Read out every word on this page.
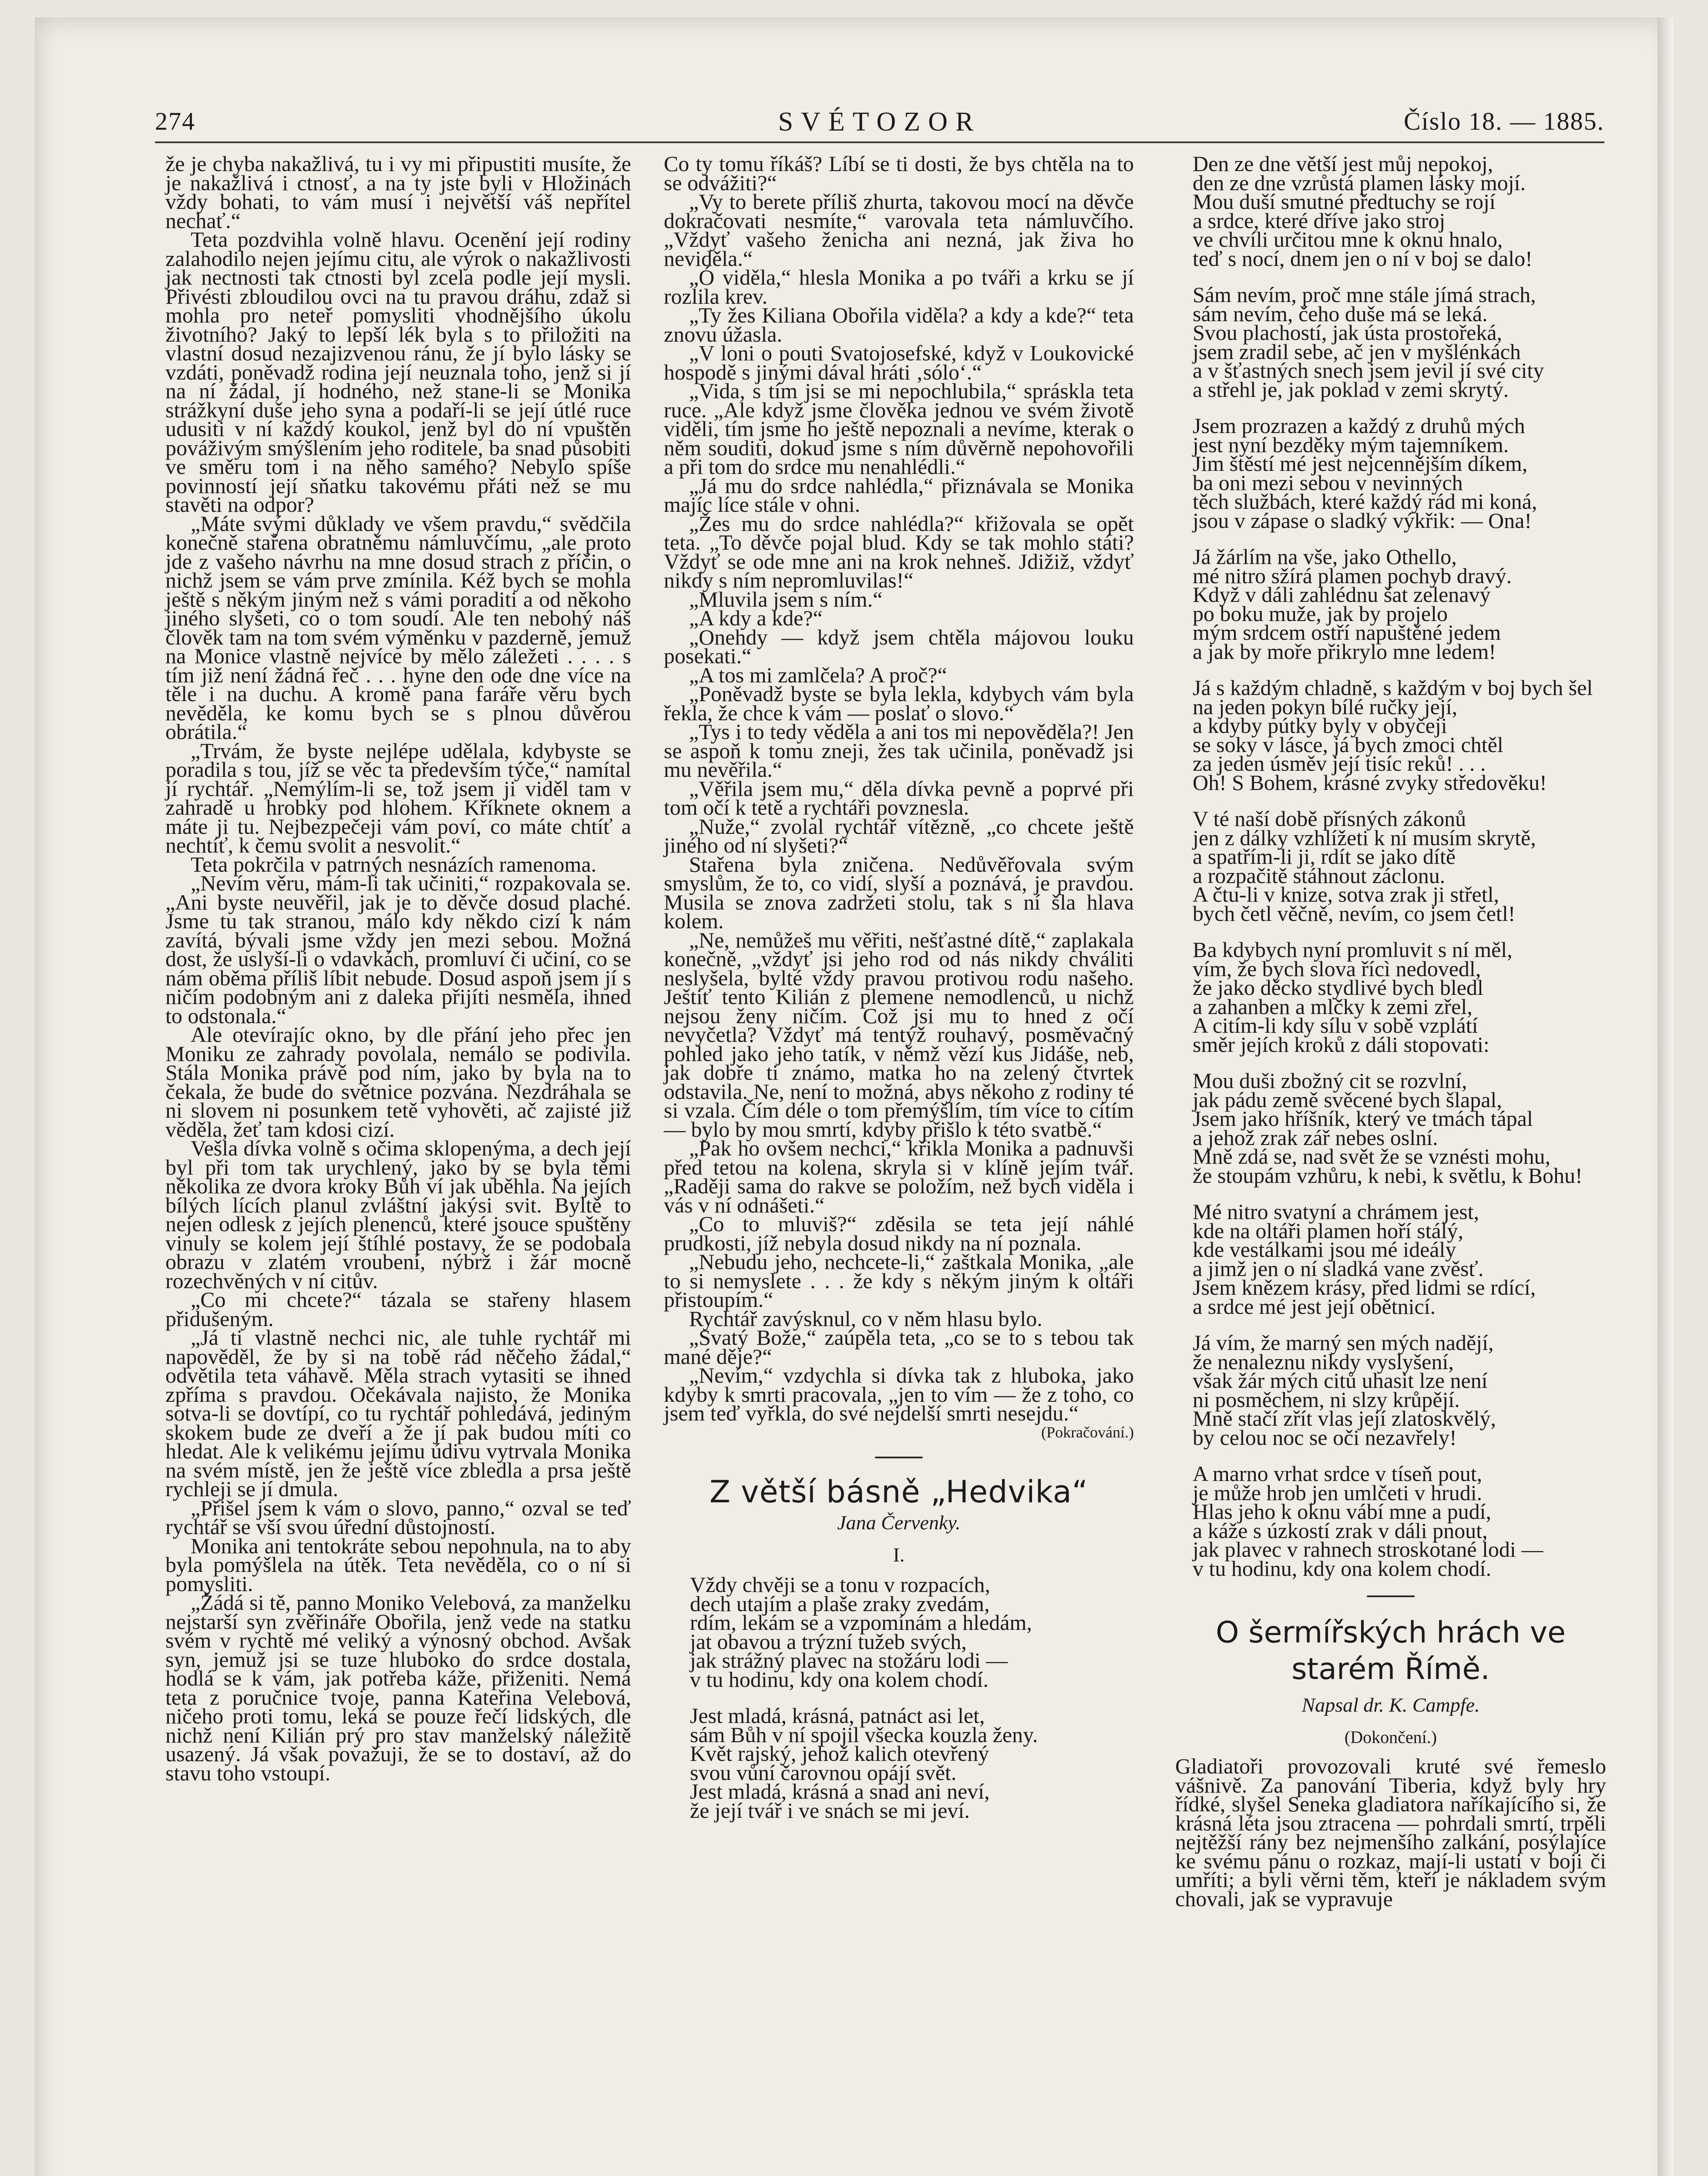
274	SVÉTOZOR	Číslo 18. — 1885.

že je chyba nakažlivá, tu i vy mi připustiti musíte, že je nakažlivá i ctnosť, a na ty jste byli v Hložinách vždy bohati, to vám musí i největší váš nepřítel nechať.“

Teta pozdvihla volně hlavu. Ocenění její rodiny zalahodilo nejen jejímu citu, ale výrok o nakažlivosti jak nectnosti tak ctnosti byl zcela podle její mysli. Přivésti zbloudilou ovci na tu pravou dráhu, zdaž si mohla pro neteř pomysliti vhodnějšího úkolu životního? Jaký to lepší lék byla s to přiložiti na vlastní dosud nezajizvenou ránu, že jí bylo lásky se vzdáti, poněvadž rodina její neuznala toho, jenž si jí na ní žádal, jí hodného, než stane-li se Monika strážkyní duše jeho syna a podaří-li se její útlé ruce udusiti v ní každý koukol, jenž byl do ní vpuštěn pováživým smýšlením jeho roditele, ba snad působiti ve směru tom i na něho samého? Nebylo spíše povinností její sňatku takovému přáti než se mu stavěti na odpor?

„Máte svými důklady ve všem pravdu,“ svědčila konečně stařena obratněmu námluvčímu, „ale proto jde z vašeho návrhu na mne dosud strach z příčin, o nichž jsem se vám prve zmínila. Kéž bych se mohla ještě s někým jiným než s vámi poraditi a od někoho jiného slyšeti, co o tom soudí. Ale ten nebohý náš člověk tam na tom svém výměnku v pazderně, jemuž na Monice vlastně nejvíce by mělo záležeti . . . . s tím již není žádná řeč . . . hyne den ode dne více na těle i na duchu. A kromě pana faráře věru bych nevěděla, ke komu bych se s plnou důvěrou obrátila.“

„Trvám, že byste nejlépe udělala, kdybyste se poradila s tou, jíž se věc ta především týče,“ namítal jí rychtář. „Nemýlím-li se, tož jsem ji viděl tam v zahradě u hrobky pod hlohem. Kříknete oknem a máte ji tu. Nejbezpečeji vám poví, co máte chtíť a nechtíť, k čemu svolit a nesvolit.“

Teta pokrčila v patrných nesnázích ramenoma.

„Nevím věru, mám-li tak učiniti,“ rozpakovala se. „Ani byste neuvěřil, jak je to děvče dosud plaché. Jsme tu tak stranou, málo kdy někdo cizí k nám zavítá, bývali jsme vždy jen mezi sebou. Možná dost, že uslyší-li o vdavkách, promluví či učiní, co se nám oběma příliš líbit nebude. Dosud aspoň jsem jí s ničím podobným ani z daleka přijíti nesměla, ihned to odstonala.“

Ale otevírajíc okno, by dle přání jeho přec jen Moniku ze zahrady povolala, nemálo se podivila. Stála Monika právě pod ním, jako by byla na to čekala, že bude do světnice pozvána. Nezdráhala se ni slovem ni posunkem tetě vyhověti, ač zajisté již věděla, žeť tam kdosi cizí.

Vešla dívka volně s očima sklopenýma, a dech její byl při tom tak urychlený, jako by se byla těmi několika ze dvora kroky Bůh ví jak uběhla. Na jejích bílých lících planul zvláštní jakýsi svit. Byltě to nejen odlesk z jejích plenenců, které jsouce spuštěny vinuly se kolem její štíhlé postavy, že se podobala obrazu v zlatém vroubení, nýbrž i žár mocně rozechvěných v ní citův.

„Co mi chcete?“ tázala se stařeny hlasem přidušeným.

„Já ti vlastně nechci nic, ale tuhle rychtář mi napověděl, že by si na tobě rád něčeho žádal,“ odvětila teta váhavě. Měla strach vytasiti se ihned zpříma s pravdou. Očekávala najisto, že Monika sotva-li se dovtípí, co tu rychtář pohledává, jediným skokem bude ze dveří a že jí pak budou míti co hledat. Ale k velikému jejímu údivu vytrvala Monika na svém místě, jen že ještě více zbledla a prsa ještě rychleji se jí dmula.

„Přišel jsem k vám o slovo, panno,“ ozval se teď rychtář se vší svou úřední důstojností.

Monika ani tentokráte sebou nepohnula, na to aby byla pomýšlela na útěk. Teta nevěděla, co o ní si pomysliti.

„Žádá si tě, panno Moniko Velebová, za manželku nejstarší syn zvěřináře Obořila, jenž vede na statku svém v rychtě mé veliký a výnosný obchod. Avšak syn, jemuž jsi se tuze hluboko do srdce dostala, hodlá se k vám, jak potřeba káže, přiženiti. Nemá teta z poručnice tvoje, panna Kateřina Velebová, ničeho proti tomu, leká se pouze řečí lidských, dle nichž není Kilián prý pro stav manželský náležitě usazený. Já však považuji, že se to dostaví, až do stavu toho vstoupí.

Co ty tomu říkáš? Líbí se ti dosti, že bys chtěla na to se odvážiti?“

„Vy to berete příliš zhurta, takovou mocí na děvče dokračovati nesmíte,“ varovala teta námluvčího. „Vždyť vašeho ženicha ani nezná, jak živa ho neviděla.“

„Ó viděla,“ hlesla Monika a po tváři a krku se jí rozlila krev.

„Ty žes Kiliana Obořila viděla? a kdy a kde?“ teta znovu úžasla.

„V loni o pouti Svatojosefské, když v Loukovické hospodě s jinými dával hráti ‚sólo‘.“

„Vida, s tím jsi se mi nepochlubila,“ spráskla teta ruce. „Ale když jsme člověka jednou ve svém životě viděli, tím jsme ho ještě nepoznali a nevíme, kterak o něm souditi, dokud jsme s ním důvěrně nepohovořili a při tom do srdce mu nenahlédli.“

„Já mu do srdce nahlédla,“ přiznávala se Monika majíc líce stále v ohni.

„Žes mu do srdce nahlédla?“ křižovala se opět teta. „To děvče pojal blud. Kdy se tak mohlo státi? Vždyť se ode mne ani na krok nehneš. Jdižiž, vždyť nikdy s ním nepromluvilas!“

„Mluvila jsem s ním.“

„A kdy a kde?“

„Onehdy — když jsem chtěla májovou louku posekati.“

„A tos mi zamlčela? A proč?“

„Poněvadž byste se byla lekla, kdybych vám byla řekla, že chce k vám — poslať o slovo.“

„Tys i to tedy věděla a ani tos mi nepověděla?! Jen se aspoň k tomu zneji, žes tak učinila, poněvadž jsi mu nevěřila.“

„Věřila jsem mu,“ děla dívka pevně a poprvé při tom očí k tetě a rychtáři povznesla.

„Nuže,“ zvolal rychtář vítězně, „co chcete ještě jiného od ní slyšeti?“

Stařena byla zničena. Nedůvěřovala svým smyslům, že to, co vidí, slyší a poznává, je pravdou. Musila se znova zadržeti stolu, tak s ní šla hlava kolem.

„Ne, nemůžeš mu věřiti, nešťastné dítě,“ zaplakala konečně, „vždyť jsi jeho rod od nás nikdy chváliti neslyšela, bylté vždy pravou protivou rodu našeho. Ještiť tento Kilián z plemene nemodlenců, u nichž nejsou ženy ničím. Což jsi mu to hned z očí nevyčetla? Vždyť má tentýž rouhavý, posměvačný pohled jako jeho tatík, v němž vězí kus Jidáše, neb, jak dobře ti známo, matka ho na zelený čtvrtek odstavila. Ne, není to možná, abys někoho z rodiny té si vzala. Čím déle o tom přemýšlím, tím více to cítím — bylo by mou smrtí, kdyby přišlo k této svatbě.“

„Pak ho ovšem nechci,“ křikla Monika a padnuvši před tetou na kolena, skryla si v klíně jejím tvář. „Raději sama do rakve se položím, než bych viděla i vás v ní odnášeti.“

„Co to mluviš?“ zděsila se teta její náhlé prudkosti, jíž nebyla dosud nikdy na ní poznala.

„Nebudu jeho, nechcete-li,“ zaštkala Monika, „ale to si nemyslete . . . že kdy s někým jiným k oltáři přistoupím.“

Rychtář zavýsknul, co v něm hlasu bylo.

„Svatý Bože,“ zaúpěla teta, „co se to s tebou tak mané děje?“

„Nevím,“ vzdychla si dívka tak z hluboka, jako kdyby k smrti pracovala, „jen to vím — že z toho, co jsem teď vyřkla, do své nejdelší smrti nesejdu.“

(Pokračování.)
Z větší básně „Hedvika“
Jana Červenky.
I.
Vždy chvěji se a tonu v rozpacích,
dech utajím a plaše zraky zvedám,
rdím, lekám se a vzpomínám a hledám,
jat obavou a trýzní tužeb svých,
jak strážný plavec na stožáru lodi —
v tu hodinu, kdy ona kolem chodí.
Jest mladá, krásná, patnáct asi let,
sám Bůh v ní spojil všecka kouzla ženy.
Květ rajský, jehož kalich otevřený
svou vůní čarovnou opájí svět.
Jest mladá, krásná a snad ani neví,
že její tvář i ve snách se mi jeví.
Den ze dne větší jest můj nepokoj,
den ze dne vzrůstá plamen lásky mojí.
Mou duší smutné předtuchy se rojí
a srdce, které dříve jako stroj
ve chvíli určitou mne k oknu hnalo,
teď s nocí, dnem jen o ní v boj se dalo!
Sám nevím, proč mne stále jímá strach,
sám nevím, čeho duše má se leká.
Svou plachostí, jak ústa prostořeká,
jsem zradil sebe, ač jen v myšlénkách
a v šťastných snech jsem jevil jí své city
a střehl je, jak poklad v zemi skrytý.
Jsem prozrazen a každý z druhů mých
jest nyní bezděky mým tajemníkem.
Jim štěstí mé jest nejcennějším díkem,
ba oni mezi sebou v nevinných
těch službách, které každý rád mi koná,
jsou v zápase o sladký výkřik: — Ona!
Já žárlím na vše, jako Othello,
mé nitro sžírá plamen pochyb dravý.
Když v dáli zahlédnu šat zelenavý
po boku muže, jak by projelo
mým srdcem ostří napuštěné jedem
a jak by moře přikrylo mne ledem!
Já s každým chladně, s každým v boj bych šel
na jeden pokyn bílé ručky její,
a kdyby pútky byly v obyčeji
se soky v lásce, já bych zmoci chtěl
za jeden úsměv její tisíc reků! . . .
Oh! S Bohem, krásné zvyky středověku!
V té naší době přísných zákonů
jen z dálky vzhlížeti k ní musím skrytě,
a spatřím-li ji, rdít se jako dítě
a rozpačitě stáhnout záclonu.
A čtu-li v knize, sotva zrak ji střetl,
bych četl věčně, nevím, co jsem četl!
Ba kdybych nyní promluvit s ní měl,
vím, že bych slova řícì nedovedl,
že jako děcko stydlivé bych bledl
a zahanben a mlčky k zemi zřel,
A citím-li kdy sílu v sobě vzplátí
směr jejích kroků z dáli stopovati:
Mou duši zbožný cit se rozvlní,
jak pádu země svěcené bych šlapal,
Jsem jako hříšník, který ve tmách tápal
a jehož zrak zář nebes oslní.
Mně zdá se, nad svět že se vznésti mohu,
že stoupám vzhůru, k nebi, k světlu, k Bohu!
Mé nitro svatyní a chrámem jest,
kde na oltáři plamen hoří stálý,
kde vestálkami jsou mé ideály
a jimž jen o ní sladká vane zvěsť.
Jsem knězem krásy, před lidmi se rdící,
a srdce mé jest její obětnicí.
Já vím, že marný sen mých nadějí,
že nenaleznu nikdy vyslyšení,
však žár mých citů uhasit lze není
ni posměchem, ni slzy krůpějí.
Mně stačí zřít vlas její zlatoskvělý,
by celou noc se oči nezavřely!
A marno vrhat srdce v tíseň pout,
je může hrob jen umlčeti v hrudi.
Hlas jeho k oknu vábí mne a pudí,
a káže s úzkostí zrak v dáli pnout,
jak plavec v rahnech stroskotané lodi —
v tu hodinu, kdy ona kolem chodí.
O šermířských hrách ve starém Římě.
Napsal dr. K. Campfe.
(Dokončení.)

Gladiatoři provozovali kruté své řemeslo vášnivě. Za panování Tiberia, když byly hry řídké, slyšel Seneka gladiatora naříkajícího si, že krásná léta jsou ztracena — pohrdali smrtí, trpěli nejtěžší rány bez nejmenšího zalkání, posýlajíce ke svému pánu o rozkaz, mají-li ustati v boji či umříti; a byli věrni těm, kteří je nákladem svým chovali, jak se vypravuje
